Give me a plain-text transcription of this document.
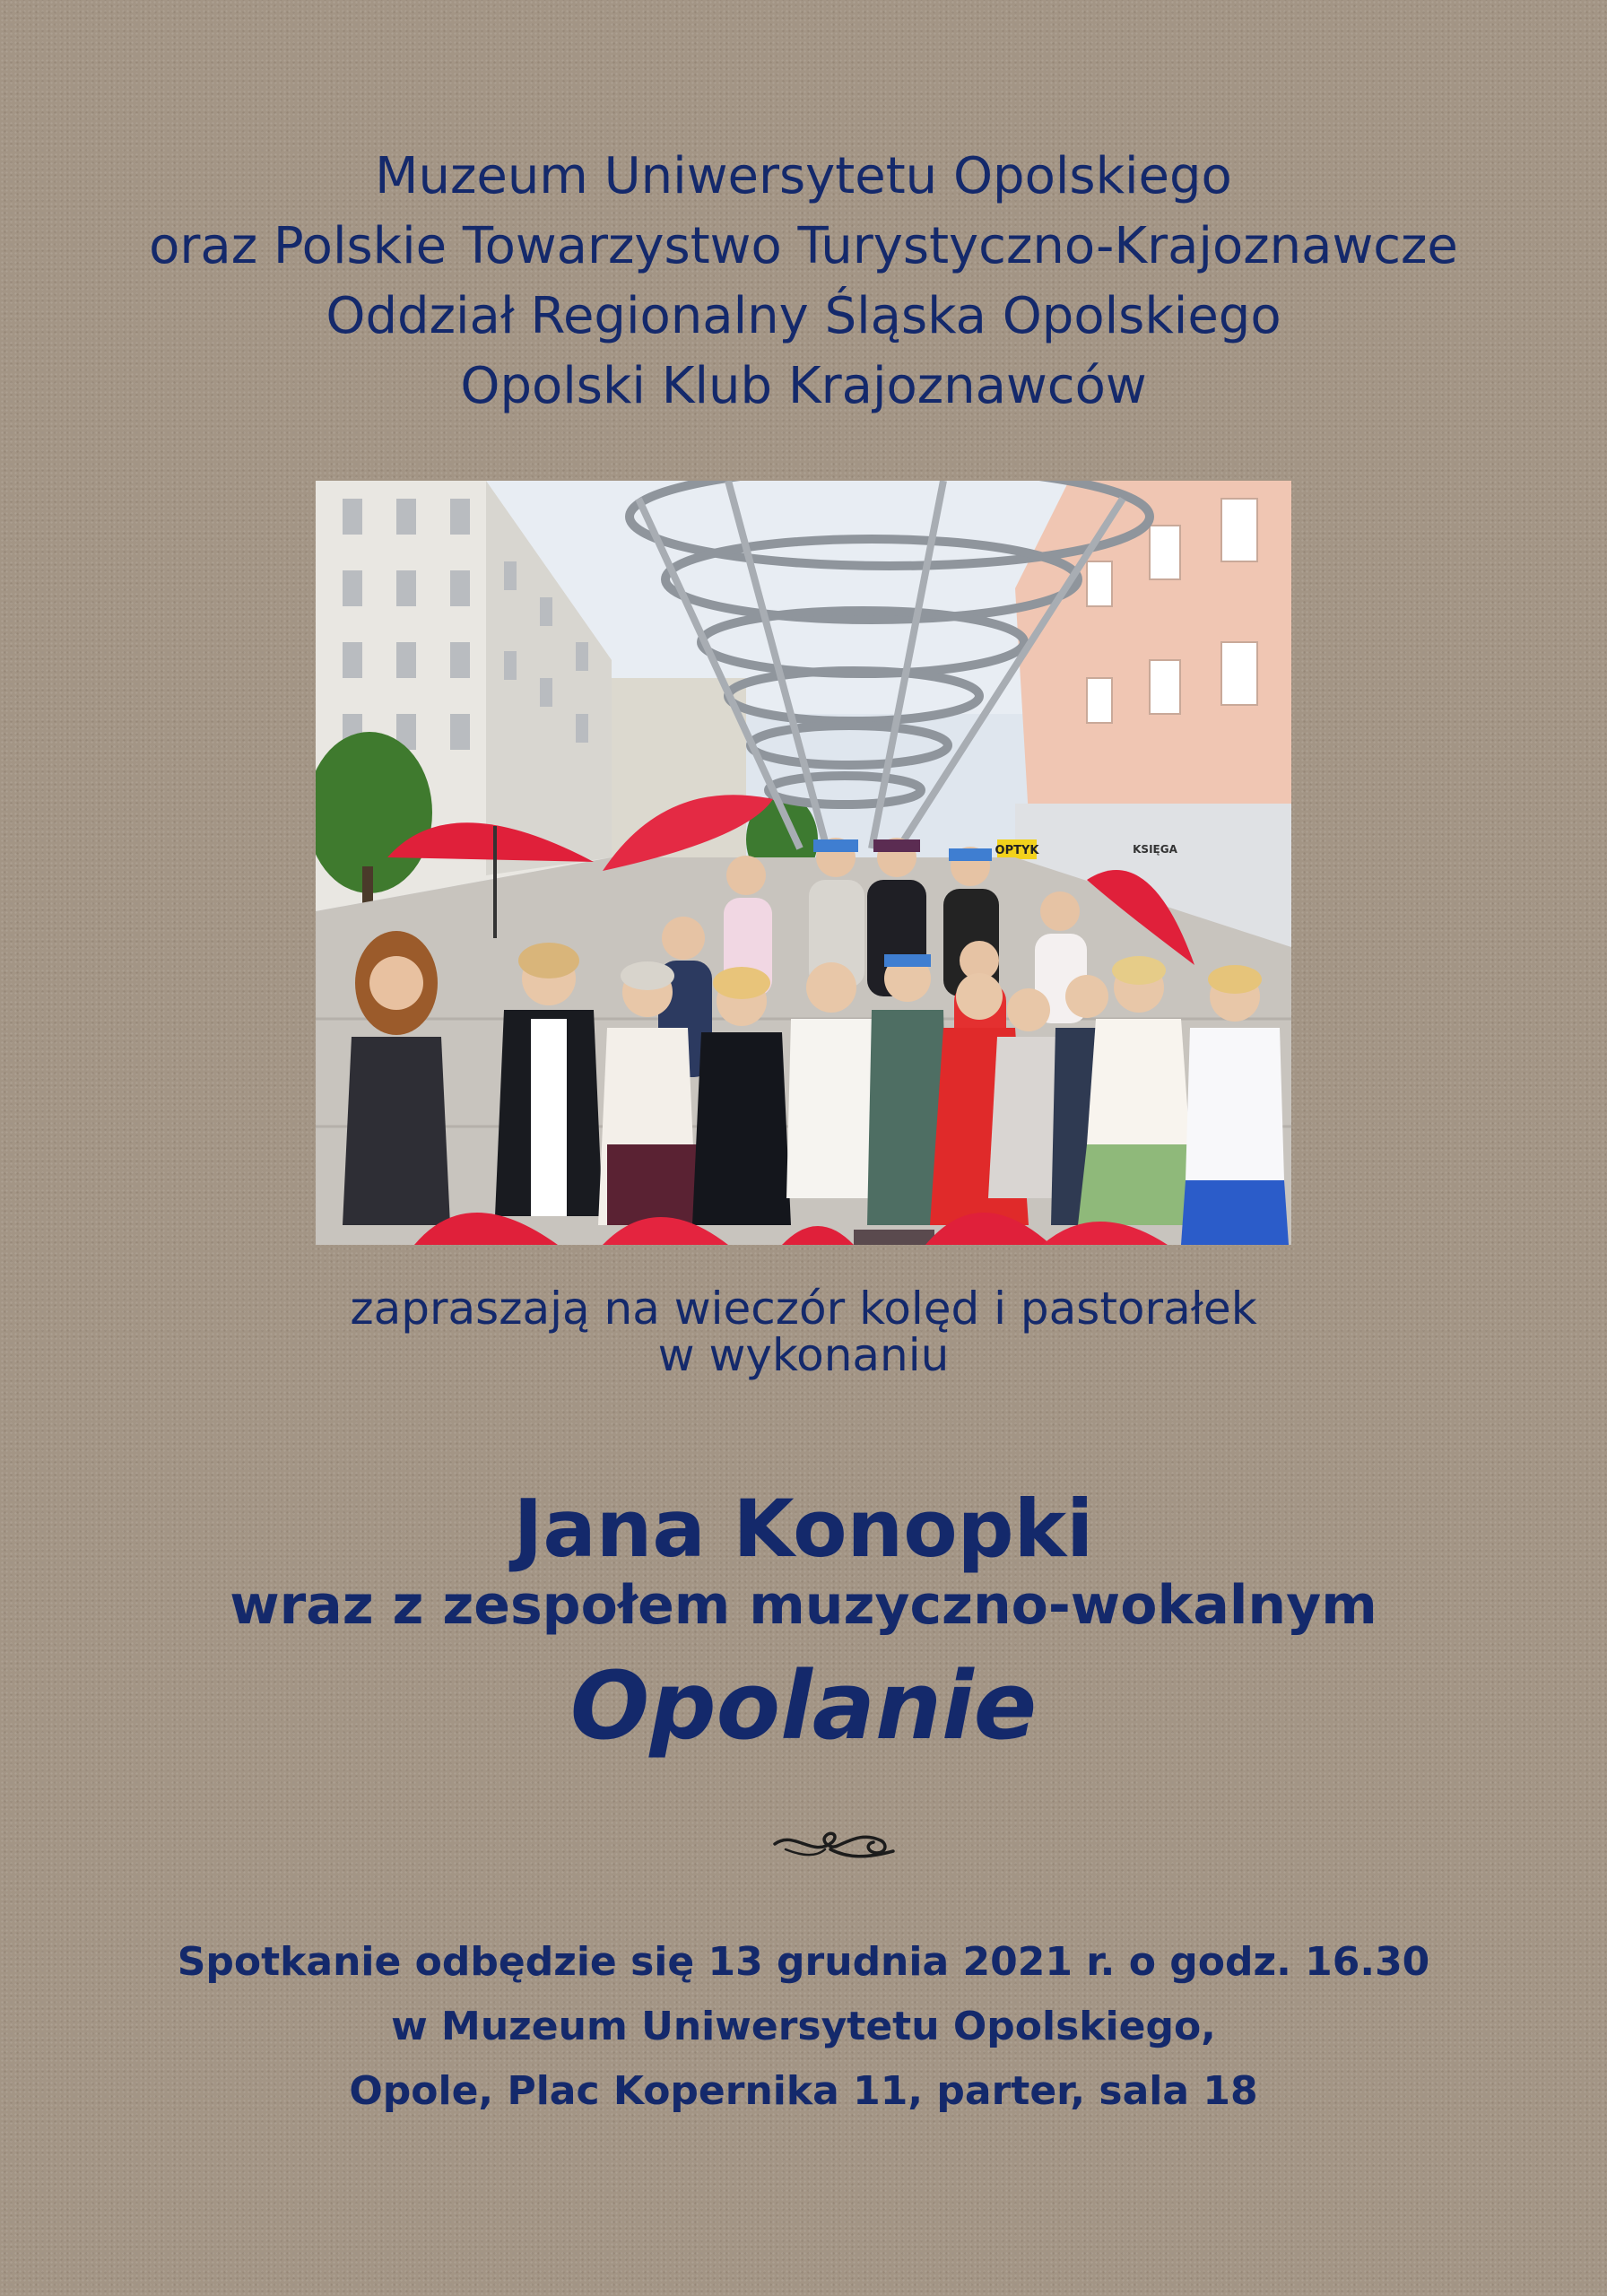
Muzeum Uniwersytetu Opolskiego
oraz Polskie Towarzystwo Turystyczno-Krajoznawcze
Oddział Regionalny Śląska Opolskiego
Opolski Klub Krajoznawców
OPTYK	KSIĘGA
zapraszają na wieczór kolęd i pastorałek
w wykonaniu
Jana Konopki
wraz z zespołem muzyczno-wokalnym
Opolanie
Spotkanie odbędzie się 13 grudnia 2021 r. o godz. 16.30
w Muzeum Uniwersytetu Opolskiego,
Opole, Plac Kopernika 11, parter, sala 18
